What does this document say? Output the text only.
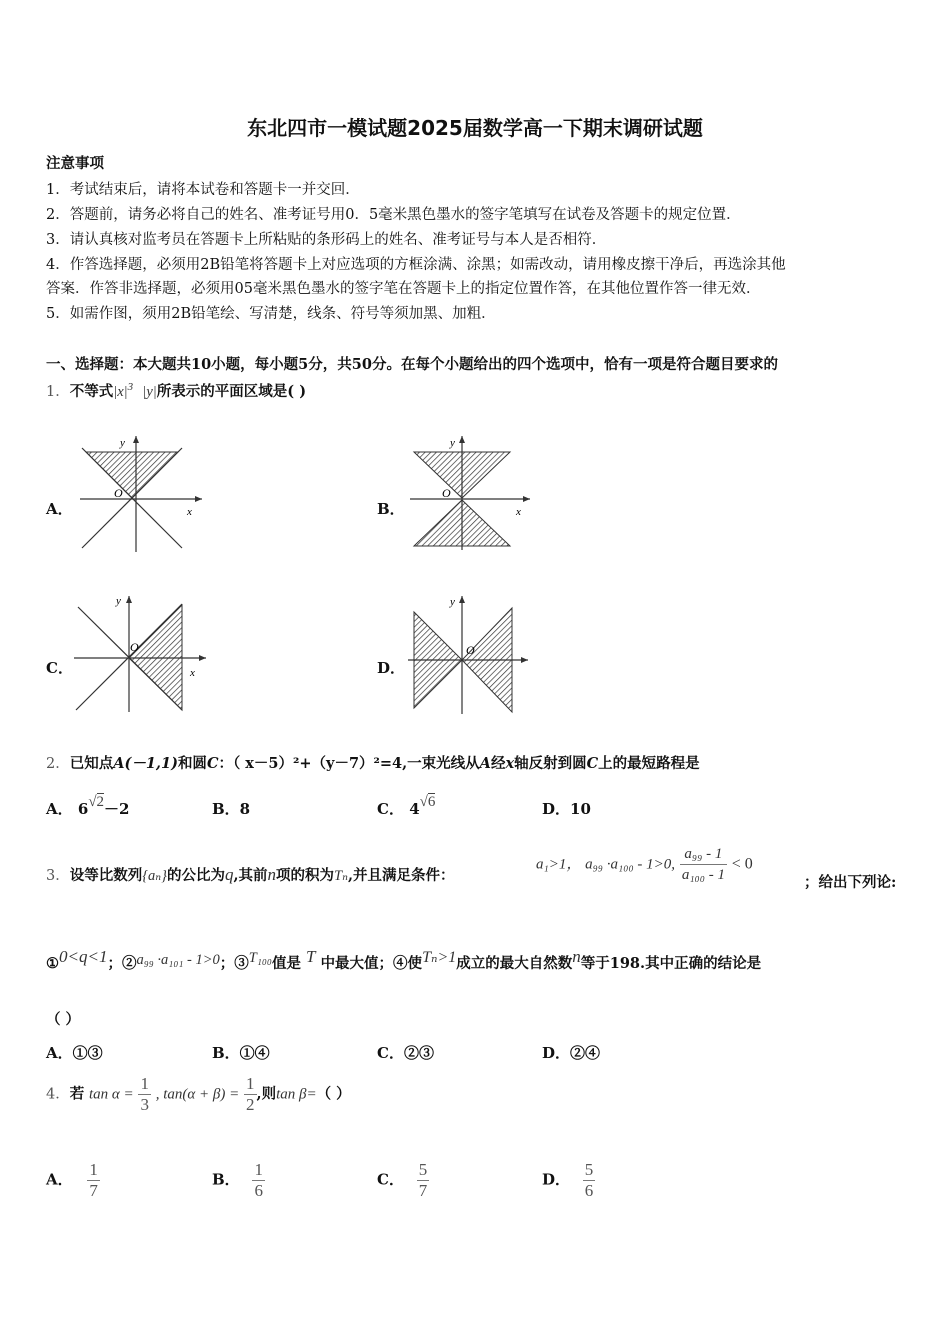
东北四市一模试题2025届数学高一下期末调研试题
注意事项
1．考试结束后，请将本试卷和答题卡一并交回．
2．答题前，请务必将自己的姓名、准考证号用0．5毫米黑色墨水的签字笔填写在试卷及答题卡的规定位置．
3．请认真核对监考员在答题卡上所粘贴的条形码上的姓名、准考证号与本人是否相符．
4．作答选择题，必须用2B铅笔将答题卡上对应选项的方框涂满、涂黑；如需改动，请用橡皮擦干净后，再选涂其他
答案．作答非选择题，必须用05毫米黑色墨水的签字笔在答题卡上的指定位置作答，在其他位置作答一律无效．
5．如需作图，须用2B铅笔绘、写清楚，线条、符号等须加黑、加粗．
一、选择题：本大题共10小题，每小题5分，共50分。在每个小题给出的四个选项中，恰有一项是符合题目要求的
1．不等式$|x|^3$ |y|所表示的平面区域是( )
y
x
O
y
x
O
y
x
O
y
O
A．	B．
C．	D．
2．已知点A(－1,1)和圆C：（ x－5）²+（y－7）²=4,一束光线从A经x轴反射到圆C上的最短路程是
A． 6√2－2	B．8	C． 4√6	D．10
3．设等比数列{aₙ}的公比为q,其前n项的积为Tₙ,并且满足条件：
a₁>1， a₉₉ ·a₁₀₀ - 1>0, $\frac{\text{a₉₉ - 1}}{\text{a₁₀₀ - 1}} < 0$
；给出下列论:
①0<q<1；②a₉₉ ·a₁₀₁ - 1>0；③T₁₀₀值是 T 中最大值；④使Tₙ>1成立的最大自然数n等于198.其中正确的结论是
（ ）
A．①③	B．①④	C．②③	D．②④
4．若 $\tan \alpha = \frac{1}{3}$ , $\tan(\alpha + \beta) = \frac{1}{2}$ ,则tan β=（ ）
A． $\frac{1}{7}$	B． $\frac{1}{6}$	C． $\frac{5}{7}$	D． $\frac{5}{6}$
